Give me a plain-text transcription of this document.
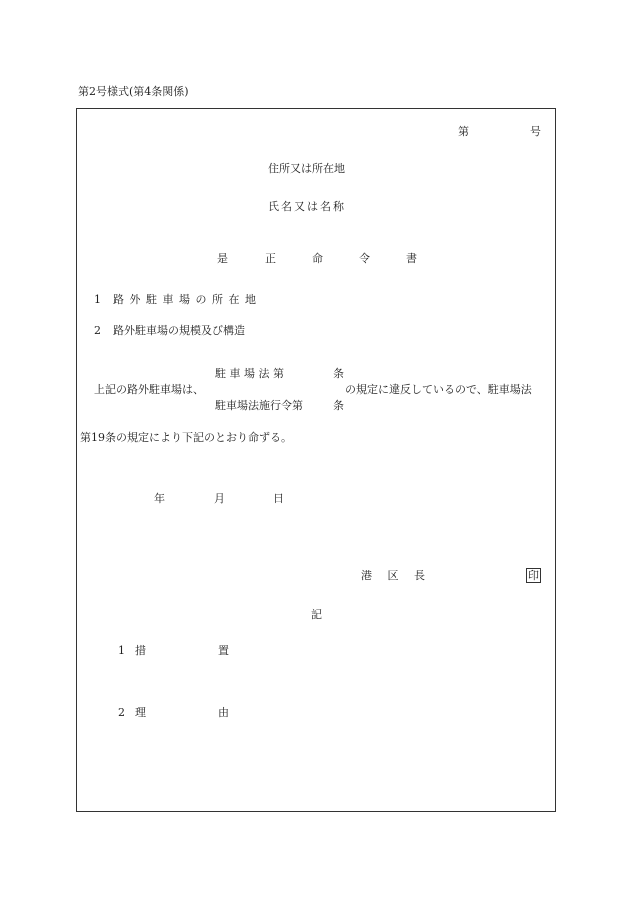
第2号様式(第4条関係)
第	号
住所又は所在地
氏名又は名称
是	正	命	令	書
1 路 外 駐 車 場 の 所 在 地
2 路外駐車場の規模及び構造
駐 車 場 法 第	条
上記の路外駐車場は、	の規定に違反しているので、駐車場法
駐車場法施行令第	条
第19条の規定により下記のとおり命ずる。
年	月	日
港 区 長	印
記
1 措	置
2 理	由
